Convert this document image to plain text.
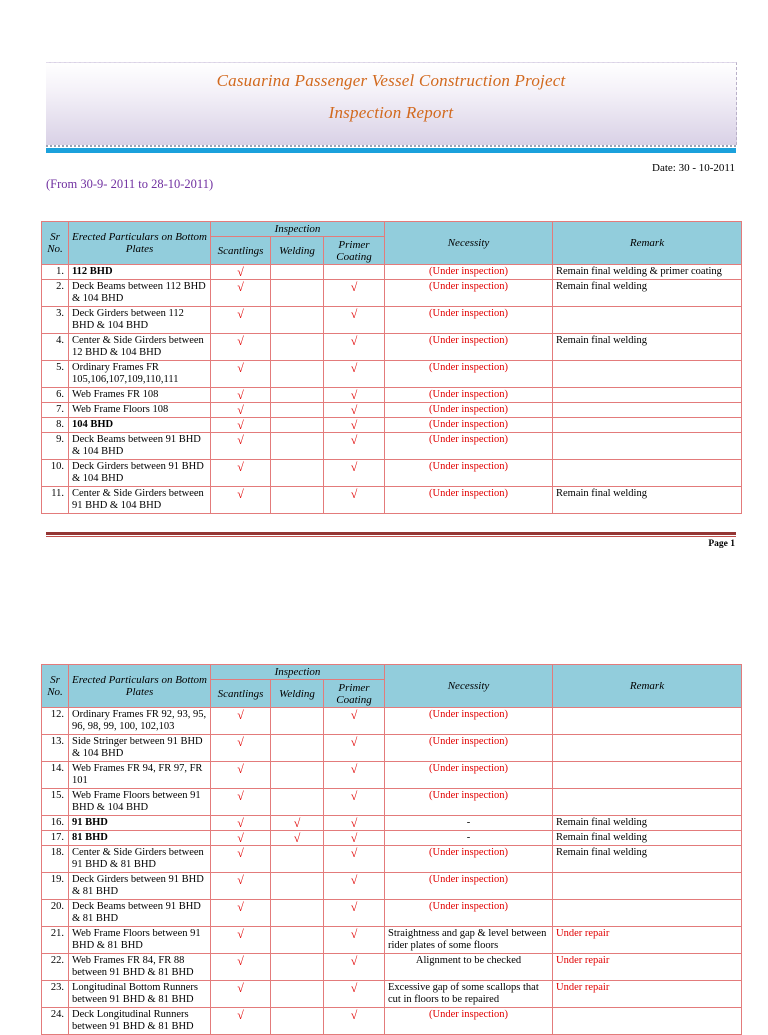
Casuarina Passenger Vessel Construction Project
Inspection Report
Date: 30 - 10-2011
(From 30-9- 2011 to 28-10-2011)
Sr No.	Erected Particulars on Bottom Plates	Inspection			Necessity	Remark
		Scantlings	Welding	Primer Coating		
1.	112 BHD	√			(Under inspection)	Remain final welding & primer coating
2.	Deck Beams between 112 BHD & 104 BHD	√		√	(Under inspection)	Remain final welding
3.	Deck Girders between 112 BHD & 104 BHD	√		√	(Under inspection)	
4.	Center & Side Girders between 12 BHD & 104 BHD	√		√	(Under inspection)	Remain final welding
5.	Ordinary Frames FR 105,106,107,109,110,111	√		√	(Under inspection)	
6.	Web Frames FR 108	√		√	(Under inspection)	
7.	Web Frame Floors 108	√		√	(Under inspection)	
8.	104 BHD	√		√	(Under inspection)	
9.	Deck Beams between 91 BHD & 104 BHD	√		√	(Under inspection)	
10.	Deck Girders between 91 BHD & 104 BHD	√		√	(Under inspection)	
11.	Center & Side Girders between 91 BHD & 104 BHD	√		√	(Under inspection)	Remain final welding
Page 1
Sr No.	Erected Particulars on Bottom Plates	Inspection			Necessity	Remark
		Scantlings	Welding	Primer Coating		
12.	Ordinary Frames FR 92, 93, 95, 96, 98, 99, 100, 102,103	√		√	(Under inspection)	
13.	Side Stringer between 91 BHD & 104 BHD	√		√	(Under inspection)	
14.	Web Frames FR 94, FR 97, FR 101	√		√	(Under inspection)	
15.	Web Frame Floors between 91 BHD & 104 BHD	√		√	(Under inspection)	
16.	91 BHD	√	√	√	-	Remain final welding
17.	81 BHD	√	√	√	-	Remain final welding
18.	Center & Side Girders between 91 BHD & 81 BHD	√		√	(Under inspection)	Remain final welding
19.	Deck Girders between 91 BHD & 81 BHD	√		√	(Under inspection)	
20.	Deck Beams between 91 BHD & 81 BHD	√		√	(Under inspection)	
21.	Web Frame Floors between 91 BHD & 81 BHD	√		√	Straightness and gap & level between rider plates of some floors	Under repair
22.	Web Frames FR 84, FR 88 between 91 BHD & 81 BHD	√		√	Alignment to be checked	Under repair
23.	Longitudinal Bottom Runners between 91 BHD & 81 BHD	√		√	Excessive gap of some scallops that cut in floors to be repaired	Under repair
24.	Deck Longitudinal Runners between 91 BHD & 81 BHD	√		√	(Under inspection)	
